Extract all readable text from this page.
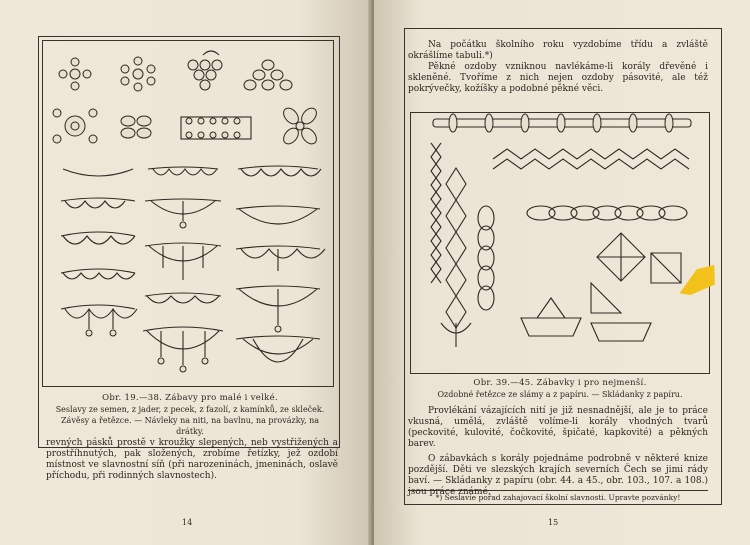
Obr. 19.—38. Zábavy pro malé i velké.
Seslavy ze semen, z jader, z pecek, z fazolí, z kamínků, ze skleček.
Závěsy a řetězce. — Návleky na niti, na bavlnu, na provázky, na drátky.
revných pásků prostě v kroužky slepených, neb vystřižených a prostříhnutých, pak složených, zrobíme řetízky, jež ozdobí místnost ve slavnostní síň (při narozeninách, jmeninách, oslavě příchodu, při rodinných slavnostech).
14	15

Na počátku školního roku vyzdobíme třídu a zvláště okrášlíme tabuli.*)

Pěkné ozdoby vzniknou navlékáme-li korály dřevěné i skleněné. Tvoříme z nich nejen ozdoby pásovité, ale též pokrývečky, kožíšky a podobné pěkné věci.

Obr. 39.—45. Zábavky i pro nejmenší.
Ozdobné řetězce ze slámy a z papíru. — Skládanky z papíru.

Provlékání vázajících nití je již nesnadnější, ale je to práce vkusná, umělá, zvláště volíme-li korály vhodných tvarů (peckovité, kulovité, čočkovité, špičaté, kapkovité) a pěkných barev.

O zábavkách s korály pojednáme podrobně v některé knize pozdější. Děti ve slezských krajích severních Čech se jimi rády baví. — Skládanky z papíru (obr. 44. a 45., obr. 103., 107. a 108.) jsou práce známé.

*) Seslavíe pořad zahajovací školní slavnosti. Upravte pozvánky!
